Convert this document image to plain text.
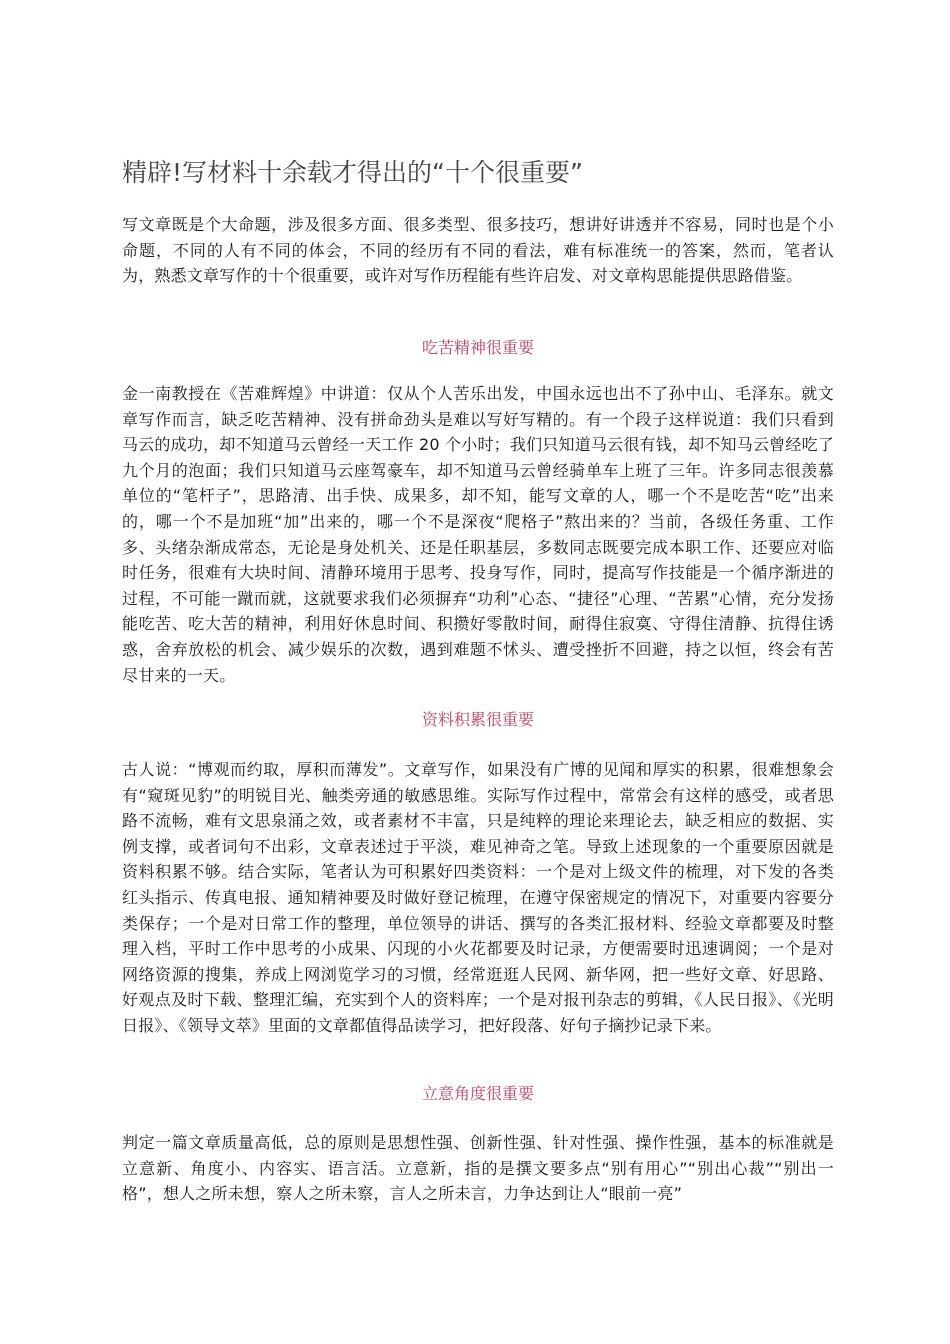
精辟!写材料十余载才得出的“十个很重要”

写文章既是个大命题，涉及很多方面、很多类型、很多技巧，想讲好讲透并不容易，同时也是个小命题，不同的人有不同的体会，不同的经历有不同的看法，难有标准统一的答案，然而，笔者认为，熟悉文章写作的十个很重要，或许对写作历程能有些许启发、对文章构思能提供思路借鉴。

吃苦精神很重要

金一南教授在《苦难辉煌》中讲道：仅从个人苦乐出发，中国永远也出不了孙中山、毛泽东。就文章写作而言，缺乏吃苦精神、没有拼命劲头是难以写好写精的。有一个段子这样说道：我们只看到马云的成功，却不知道马云曾经一天工作 20 个小时；我们只知道马云很有钱，却不知马云曾经吃了九个月的泡面；我们只知道马云座驾豪车，却不知道马云曾经骑单车上班了三年。许多同志很羡慕单位的“笔杆子”，思路清、出手快、成果多，却不知，能写文章的人，哪一个不是吃苦“吃”出来的，哪一个不是加班“加”出来的，哪一个不是深夜“爬格子”熬出来的？当前，各级任务重、工作多、头绪杂渐成常态，无论是身处机关、还是任职基层，多数同志既要完成本职工作、还要应对临时任务，很难有大块时间、清静环境用于思考、投身写作，同时，提高写作技能是一个循序渐进的过程，不可能一蹴而就，这就要求我们必须摒弃“功利”心态、“捷径”心理、“苦累”心情，充分发扬能吃苦、吃大苦的精神，利用好休息时间、积攒好零散时间，耐得住寂寞、守得住清静、抗得住诱惑，舍弃放松的机会、减少娱乐的次数，遇到难题不怵头、遭受挫折不回避，持之以恒，终会有苦尽甘来的一天。

资料积累很重要

古人说：“博观而约取，厚积而薄发”。文章写作，如果没有广博的见闻和厚实的积累，很难想象会有“窥斑见豹”的明锐目光、触类旁通的敏感思维。实际写作过程中，常常会有这样的感受，或者思路不流畅，难有文思泉涌之效，或者素材不丰富，只是纯粹的理论来理论去，缺乏相应的数据、实例支撑，或者词句不出彩，文章表述过于平淡，难见神奇之笔。导致上述现象的一个重要原因就是资料积累不够。结合实际，笔者认为可积累好四类资料：一个是对上级文件的梳理，对下发的各类红头指示、传真电报、通知精神要及时做好登记梳理，在遵守保密规定的情况下，对重要内容要分类保存；一个是对日常工作的整理，单位领导的讲话、撰写的各类汇报材料、经验文章都要及时整理入档，平时工作中思考的小成果、闪现的小火花都要及时记录，方便需要时迅速调阅；一个是对网络资源的搜集，养成上网浏览学习的习惯，经常逛逛人民网、新华网，把一些好文章、好思路、好观点及时下载、整理汇编，充实到个人的资料库；一个是对报刊杂志的剪辑，《人民日报》、《光明日报》、《领导文萃》里面的文章都值得品读学习，把好段落、好句子摘抄记录下来。

立意角度很重要

判定一篇文章质量高低，总的原则是思想性强、创新性强、针对性强、操作性强，基本的标准就是立意新、角度小、内容实、语言活。立意新，指的是撰文要多点“别有用心”“别出心裁”“别出一格”，想人之所未想，察人之所未察，言人之所未言，力争达到让人“眼前一亮”
